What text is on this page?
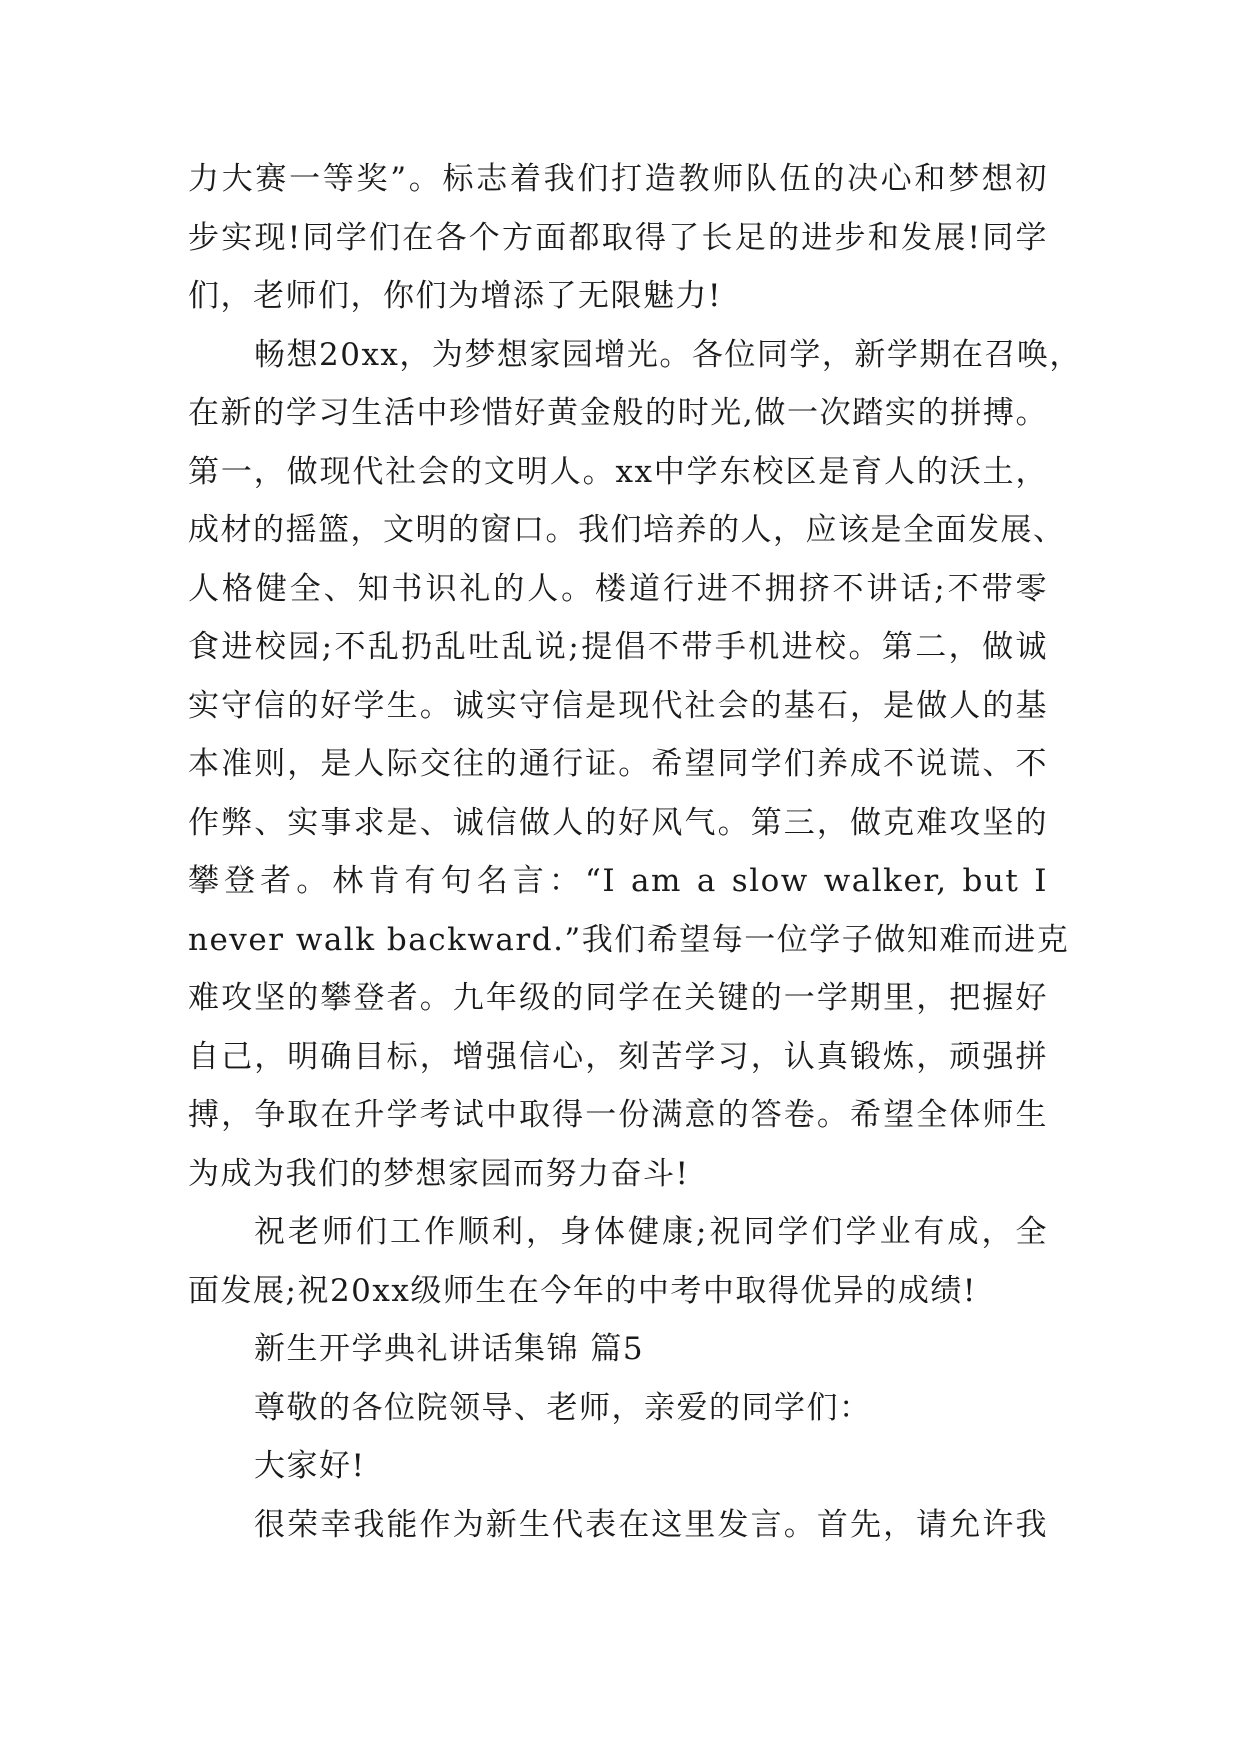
力大赛一等奖”。标志着我们打造教师队伍的决心和梦想初
步实现!同学们在各个方面都取得了长足的进步和发展!同学
们，老师们，你们为增添了无限魅力!
畅想20xx，为梦想家园增光。各位同学，新学期在召唤，
在新的学习生活中珍惜好黄金般的时光,做一次踏实的拼搏。
第一，做现代社会的文明人。xx中学东校区是育人的沃土，
成材的摇篮，文明的窗口。我们培养的人，应该是全面发展、
人格健全、知书识礼的人。楼道行进不拥挤不讲话;不带零
食进校园;不乱扔乱吐乱说;提倡不带手机进校。第二，做诚
实守信的好学生。诚实守信是现代社会的基石，是做人的基
本准则，是人际交往的通行证。希望同学们养成不说谎、不
作弊、实事求是、诚信做人的好风气。第三，做克难攻坚的
攀登者。林肯有句名言：“I am a slow walker, but I
never walk backward.”我们希望每一位学子做知难而进克
难攻坚的攀登者。九年级的同学在关键的一学期里，把握好
自己，明确目标，增强信心，刻苦学习，认真锻炼，顽强拼
搏，争取在升学考试中取得一份满意的答卷。希望全体师生
为成为我们的梦想家园而努力奋斗!
祝老师们工作顺利，身体健康;祝同学们学业有成，全
面发展;祝20xx级师生在今年的中考中取得优异的成绩!
新生开学典礼讲话集锦 篇5
尊敬的各位院领导、老师，亲爱的同学们：
大家好!
很荣幸我能作为新生代表在这里发言。首先，请允许我
